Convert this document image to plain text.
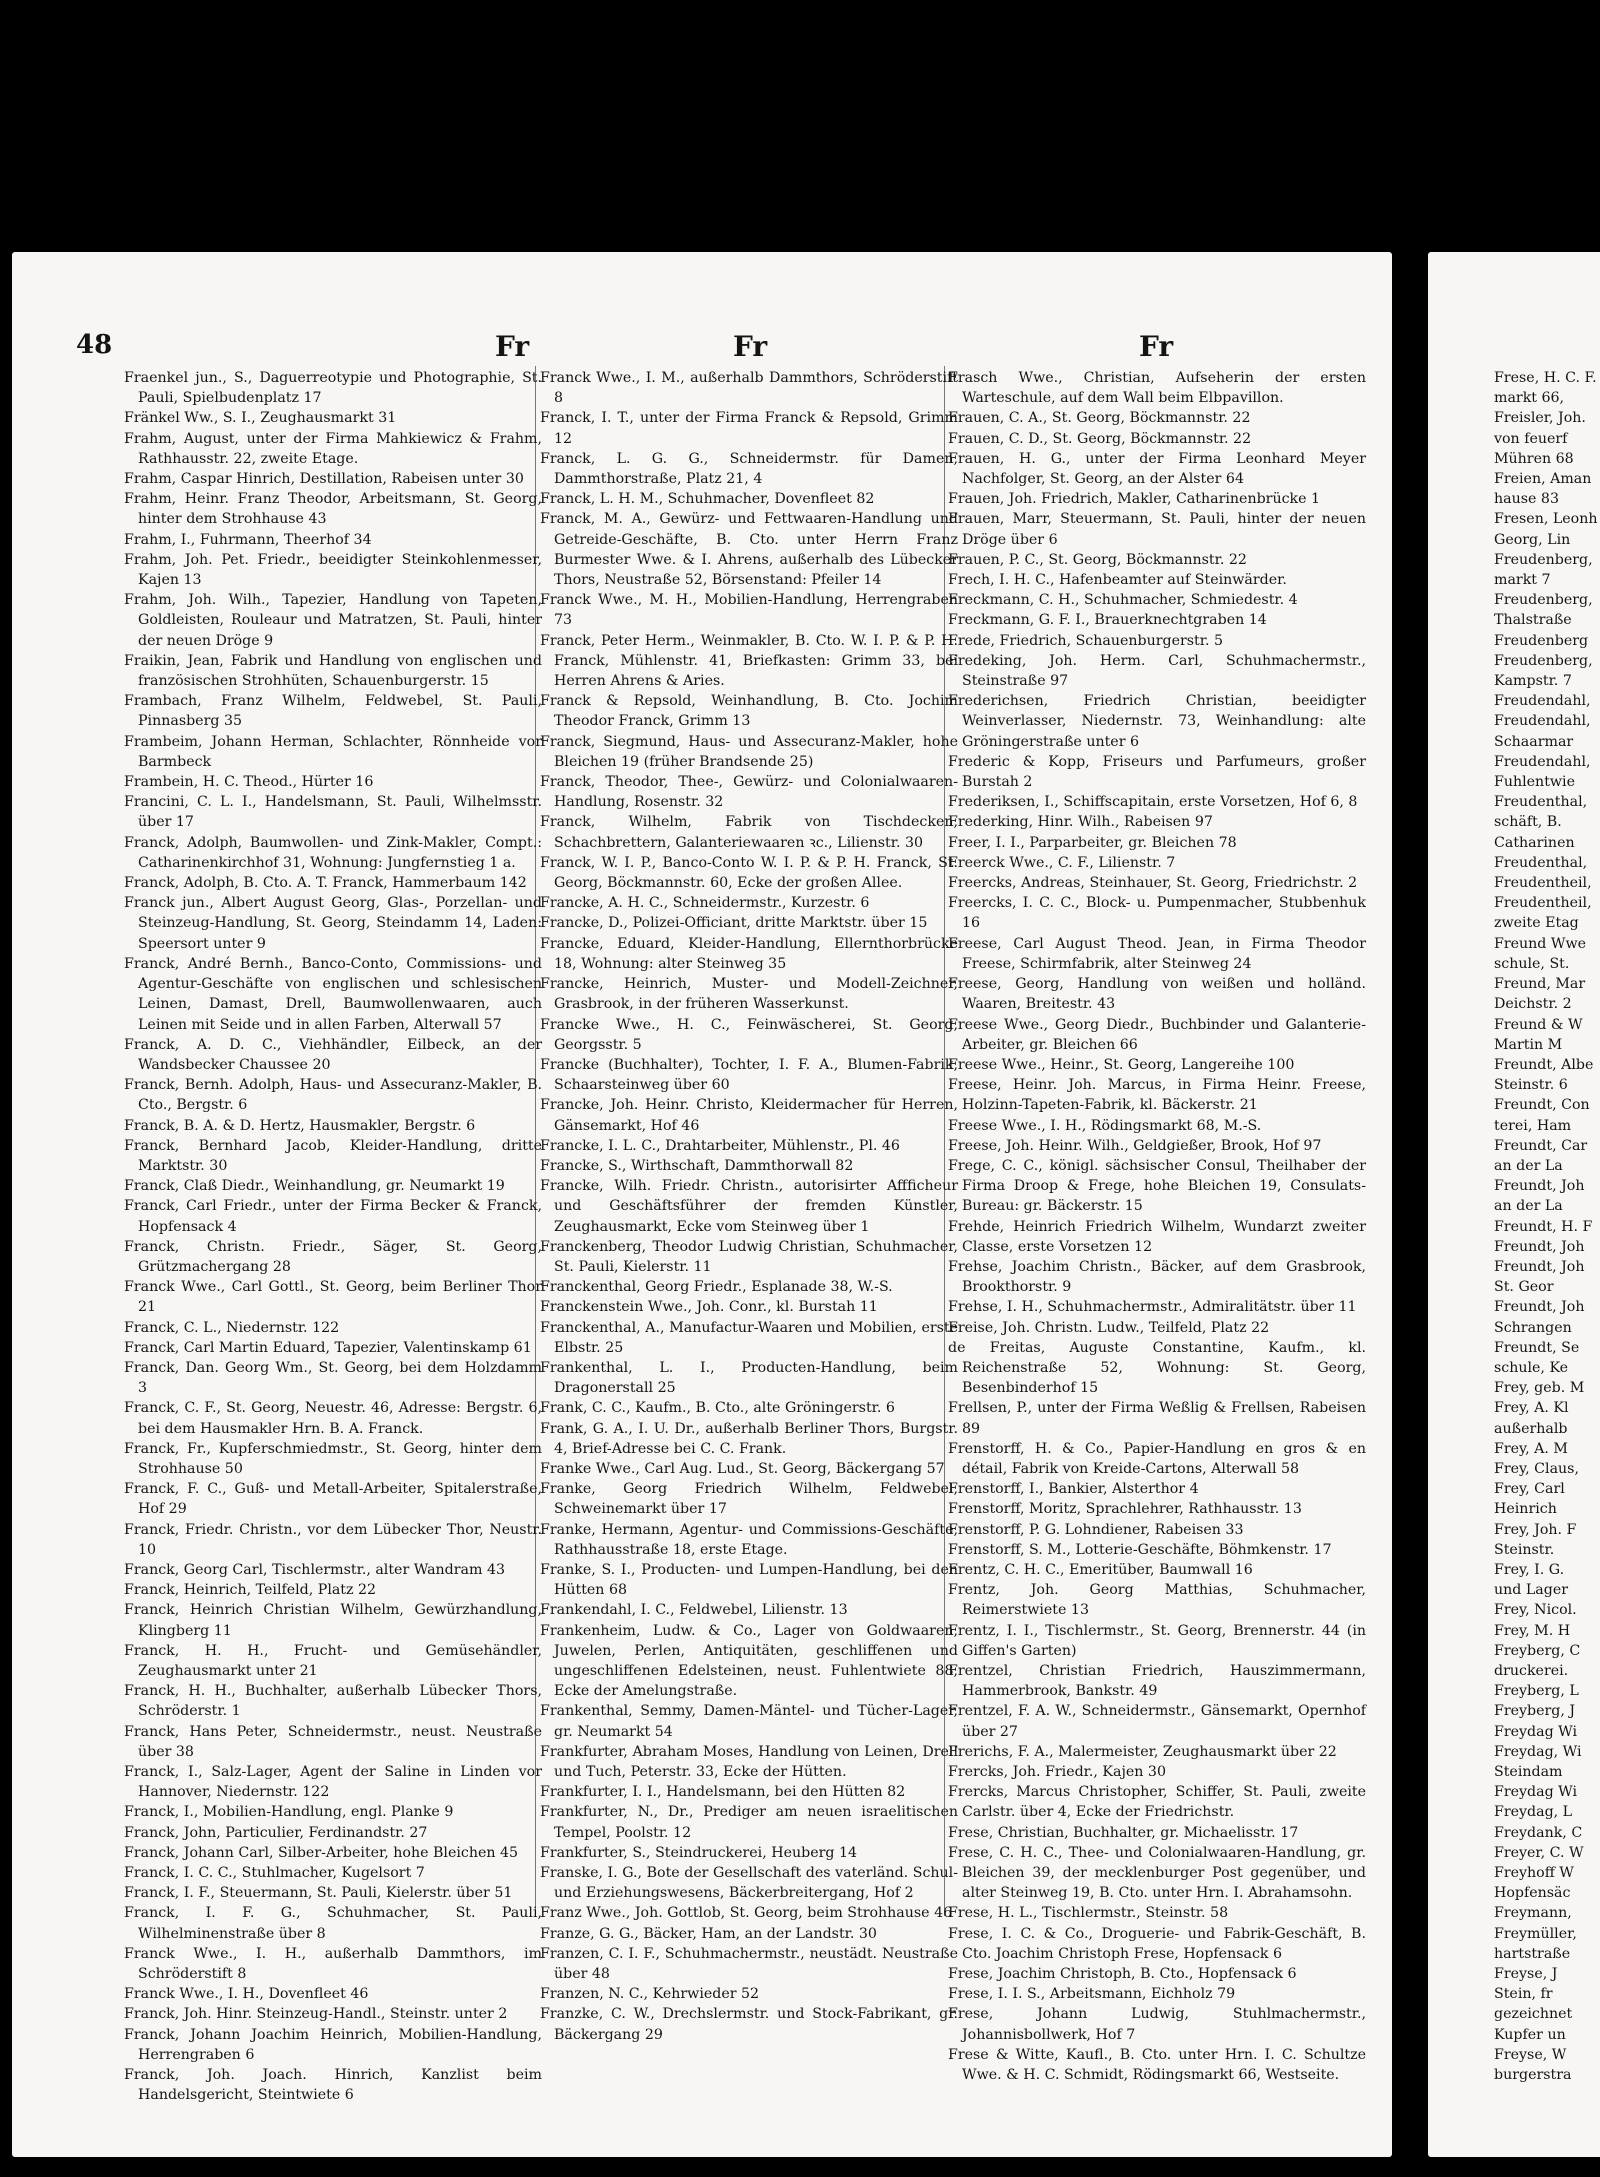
48	Fr	Fr	Fr

Fraenkel jun., S., Daguerreotypie und Photographie, St. Pauli, Spielbudenplatz 17

Fränkel Ww., S. I., Zeughausmarkt 31

Frahm, August, unter der Firma Mahkiewicz & Frahm, Rathhausstr. 22, zweite Etage.

Frahm, Caspar Hinrich, Destillation, Rabeisen unter 30

Frahm, Heinr. Franz Theodor, Arbeitsmann, St. Georg, hinter dem Strohhause 43

Frahm, I., Fuhrmann, Theerhof 34

Frahm, Joh. Pet. Friedr., beeidigter Steinkohlenmesser, Kajen 13

Frahm, Joh. Wilh., Tapezier, Handlung von Tapeten, Goldleisten, Rouleaur und Matratzen, St. Pauli, hinter der neuen Dröge 9

Fraikin, Jean, Fabrik und Handlung von englischen und französischen Strohhüten, Schauenburgerstr. 15

Frambach, Franz Wilhelm, Feldwebel, St. Pauli, Pinnasberg 35

Frambeim, Johann Herman, Schlachter, Rönnheide vor Barmbeck

Frambein, H. C. Theod., Hürter 16

Francini, C. L. I., Handelsmann, St. Pauli, Wilhelmsstr. über 17

Franck, Adolph, Baumwollen- und Zink-Makler, Compt.: Catharinenkirchhof 31, Wohnung: Jungfernstieg 1 a.

Franck, Adolph, B. Cto. A. T. Franck, Hammerbaum 142

Franck jun., Albert August Georg, Glas-, Porzellan- und Steinzeug-Handlung, St. Georg, Steindamm 14, Laden: Speersort unter 9

Franck, André Bernh., Banco-Conto, Commissions- und Agentur-Geschäfte von englischen und schlesischen Leinen, Damast, Drell, Baumwollenwaaren, auch Leinen mit Seide und in allen Farben, Alterwall 57

Franck, A. D. C., Viehhändler, Eilbeck, an der Wandsbecker Chaussee 20

Franck, Bernh. Adolph, Haus- und Assecuranz-Makler, B. Cto., Bergstr. 6

Franck, B. A. & D. Hertz, Hausmakler, Bergstr. 6

Franck, Bernhard Jacob, Kleider-Handlung, dritte Marktstr. 30

Franck, Claß Diedr., Weinhandlung, gr. Neumarkt 19

Franck, Carl Friedr., unter der Firma Becker & Franck, Hopfensack 4

Franck, Christn. Friedr., Säger, St. Georg, Grützmachergang 28

Franck Wwe., Carl Gottl., St. Georg, beim Berliner Thor 21

Franck, C. L., Niedernstr. 122

Franck, Carl Martin Eduard, Tapezier, Valentinskamp 61

Franck, Dan. Georg Wm., St. Georg, bei dem Holzdamm 3

Franck, C. F., St. Georg, Neuestr. 46, Adresse: Bergstr. 6, bei dem Hausmakler Hrn. B. A. Franck.

Franck, Fr., Kupferschmiedmstr., St. Georg, hinter dem Strohhause 50

Franck, F. C., Guß- und Metall-Arbeiter, Spitalerstraße, Hof 29

Franck, Friedr. Christn., vor dem Lübecker Thor, Neustr. 10

Franck, Georg Carl, Tischlermstr., alter Wandram 43

Franck, Heinrich, Teilfeld, Platz 22

Franck, Heinrich Christian Wilhelm, Gewürzhandlung, Klingberg 11

Franck, H. H., Frucht- und Gemüsehändler, Zeughausmarkt unter 21

Franck, H. H., Buchhalter, außerhalb Lübecker Thors, Schröderstr. 1

Franck, Hans Peter, Schneidermstr., neust. Neustraße über 38

Franck, I., Salz-Lager, Agent der Saline in Linden vor Hannover, Niedernstr. 122

Franck, I., Mobilien-Handlung, engl. Planke 9

Franck, John, Particulier, Ferdinandstr. 27

Franck, Johann Carl, Silber-Arbeiter, hohe Bleichen 45

Franck, I. C. C., Stuhlmacher, Kugelsort 7

Franck, I. F., Steuermann, St. Pauli, Kielerstr. über 51

Franck, I. F. G., Schuhmacher, St. Pauli, Wilhelminenstraße über 8

Franck Wwe., I. H., außerhalb Dammthors, im Schröderstift 8

Franck Wwe., I. H., Dovenfleet 46

Franck, Joh. Hinr. Steinzeug-Handl., Steinstr. unter 2

Franck, Johann Joachim Heinrich, Mobilien-Handlung, Herrengraben 6

Franck, Joh. Joach. Hinrich, Kanzlist beim Handelsgericht, Steintwiete 6

Franck Wwe., I. M., außerhalb Dammthors, Schröderstift 8

Franck, I. T., unter der Firma Franck & Repsold, Grimm 12

Franck, L. G. G., Schneidermstr. für Damen, Dammthorstraße, Platz 21, 4

Franck, L. H. M., Schuhmacher, Dovenfleet 82

Franck, M. A., Gewürz- und Fettwaaren-Handlung und Getreide-Geschäfte, B. Cto. unter Herrn Franz Burmester Wwe. & I. Ahrens, außerhalb des Lübecker Thors, Neustraße 52, Börsenstand: Pfeiler 14

Franck Wwe., M. H., Mobilien-Handlung, Herrengraben 73

Franck, Peter Herm., Weinmakler, B. Cto. W. I. P. & P. H. Franck, Mühlenstr. 41, Briefkasten: Grimm 33, bei Herren Ahrens & Aries.

Franck & Repsold, Weinhandlung, B. Cto. Jochim Theodor Franck, Grimm 13

Franck, Siegmund, Haus- und Assecuranz-Makler, hohe Bleichen 19 (früher Brandsende 25)

Franck, Theodor, Thee-, Gewürz- und Colonialwaaren-Handlung, Rosenstr. 32

Franck, Wilhelm, Fabrik von Tischdecken, Schachbrettern, Galanteriewaaren ꝛc., Lilienstr. 30

Franck, W. I. P., Banco-Conto W. I. P. & P. H. Franck, St. Georg, Böckmannstr. 60, Ecke der großen Allee.

Francke, A. H. C., Schneidermstr., Kurzestr. 6

Francke, D., Polizei-Officiant, dritte Marktstr. über 15

Francke, Eduard, Kleider-Handlung, Ellernthorbrücke 18, Wohnung: alter Steinweg 35

Francke, Heinrich, Muster- und Modell-Zeichner, Grasbrook, in der früheren Wasserkunst.

Francke Wwe., H. C., Feinwäscherei, St. Georg, Georgsstr. 5

Francke (Buchhalter), Tochter, I. F. A., Blumen-Fabrik, Schaarsteinweg über 60

Francke, Joh. Heinr. Christo, Kleidermacher für Herren, Gänsemarkt, Hof 46

Francke, I. L. C., Drahtarbeiter, Mühlenstr., Pl. 46

Francke, S., Wirthschaft, Dammthorwall 82

Francke, Wilh. Friedr. Christn., autorisirter Affficheur und Geschäftsführer der fremden Künstler, Zeughausmarkt, Ecke vom Steinweg über 1

Franckenberg, Theodor Ludwig Christian, Schuhmacher, St. Pauli, Kielerstr. 11

Franckenthal, Georg Friedr., Esplanade 38, W.-S.

Franckenstein Wwe., Joh. Conr., kl. Burstah 11

Franckenthal, A., Manufactur-Waaren und Mobilien, erste Elbstr. 25

Frankenthal, L. I., Producten-Handlung, beim Dragonerstall 25

Frank, C. C., Kaufm., B. Cto., alte Gröningerstr. 6

Frank, G. A., I. U. Dr., außerhalb Berliner Thors, Burgstr. 4, Brief-Adresse bei C. C. Frank.

Franke Wwe., Carl Aug. Lud., St. Georg, Bäckergang 57

Franke, Georg Friedrich Wilhelm, Feldwebel, Schweinemarkt über 17

Franke, Hermann, Agentur- und Commissions-Geschäfte, Rathhausstraße 18, erste Etage.

Franke, S. I., Producten- und Lumpen-Handlung, bei den Hütten 68

Frankendahl, I. C., Feldwebel, Lilienstr. 13

Frankenheim, Ludw. & Co., Lager von Goldwaaren, Juwelen, Perlen, Antiquitäten, geschliffenen und ungeschliffenen Edelsteinen, neust. Fuhlentwiete 88, Ecke der Amelungstraße.

Frankenthal, Semmy, Damen-Mäntel- und Tücher-Lager, gr. Neumarkt 54

Frankfurter, Abraham Moses, Handlung von Leinen, Drell und Tuch, Peterstr. 33, Ecke der Hütten.

Frankfurter, I. I., Handelsmann, bei den Hütten 82

Frankfurter, N., Dr., Prediger am neuen israelitischen Tempel, Poolstr. 12

Frankfurter, S., Steindruckerei, Heuberg 14

Franske, I. G., Bote der Gesellschaft des vaterländ. Schul- und Erziehungswesens, Bäckerbreitergang, Hof 2

Franz Wwe., Joh. Gottlob, St. Georg, beim Strohhause 46

Franze, G. G., Bäcker, Ham, an der Landstr. 30

Franzen, C. I. F., Schuhmachermstr., neustädt. Neustraße über 48

Franzen, N. C., Kehrwieder 52

Franzke, C. W., Drechslermstr. und Stock-Fabrikant, gr. Bäckergang 29

Frasch Wwe., Christian, Aufseherin der ersten Warteschule, auf dem Wall beim Elbpavillon.

Frauen, C. A., St. Georg, Böckmannstr. 22

Frauen, C. D., St. Georg, Böckmannstr. 22

Frauen, H. G., unter der Firma Leonhard Meyer Nachfolger, St. Georg, an der Alster 64

Frauen, Joh. Friedrich, Makler, Catharinenbrücke 1

Frauen, Marr, Steuermann, St. Pauli, hinter der neuen Dröge über 6

Frauen, P. C., St. Georg, Böckmannstr. 22

Frech, I. H. C., Hafenbeamter auf Steinwärder.

Freckmann, C. H., Schuhmacher, Schmiedestr. 4

Freckmann, G. F. I., Brauerknechtgraben 14

Frede, Friedrich, Schauenburgerstr. 5

Fredeking, Joh. Herm. Carl, Schuhmachermstr., Steinstraße 97

Frederichsen, Friedrich Christian, beeidigter Weinverlasser, Niedernstr. 73, Weinhandlung: alte Gröningerstraße unter 6

Frederic & Kopp, Friseurs und Parfumeurs, großer Burstah 2

Frederiksen, I., Schiffscapitain, erste Vorsetzen, Hof 6, 8

Frederking, Hinr. Wilh., Rabeisen 97

Freer, I. I., Parparbeiter, gr. Bleichen 78

Freerck Wwe., C. F., Lilienstr. 7

Freercks, Andreas, Steinhauer, St. Georg, Friedrichstr. 2

Freercks, I. C. C., Block- u. Pumpenmacher, Stubbenhuk 16

Freese, Carl August Theod. Jean, in Firma Theodor Freese, Schirmfabrik, alter Steinweg 24

Freese, Georg, Handlung von weißen und holländ. Waaren, Breitestr. 43

Freese Wwe., Georg Diedr., Buchbinder und Galanterie-Arbeiter, gr. Bleichen 66

Freese Wwe., Heinr., St. Georg, Langereihe 100

Freese, Heinr. Joh. Marcus, in Firma Heinr. Freese, Holzinn-Tapeten-Fabrik, kl. Bäckerstr. 21

Freese Wwe., I. H., Rödingsmarkt 68, M.-S.

Freese, Joh. Heinr. Wilh., Geldgießer, Brook, Hof 97

Frege, C. C., königl. sächsischer Consul, Theilhaber der Firma Droop & Frege, hohe Bleichen 19, Consulats-Bureau: gr. Bäckerstr. 15

Frehde, Heinrich Friedrich Wilhelm, Wundarzt zweiter Classe, erste Vorsetzen 12

Frehse, Joachim Christn., Bäcker, auf dem Grasbrook, Brookthorstr. 9

Frehse, I. H., Schuhmachermstr., Admiralitätstr. über 11

Freise, Joh. Christn. Ludw., Teilfeld, Platz 22

de Freitas, Auguste Constantine, Kaufm., kl. Reichenstraße 52, Wohnung: St. Georg, Besenbinderhof 15

Frellsen, P., unter der Firma Weßlig & Frellsen, Rabeisen 89

Frenstorff, H. & Co., Papier-Handlung en gros & en détail, Fabrik von Kreide-Cartons, Alterwall 58

Frenstorff, I., Bankier, Alsterthor 4

Frenstorff, Moritz, Sprachlehrer, Rathhausstr. 13

Frenstorff, P. G. Lohndiener, Rabeisen 33

Frenstorff, S. M., Lotterie-Geschäfte, Böhmkenstr. 17

Frentz, C. H. C., Emeritüber, Baumwall 16

Frentz, Joh. Georg Matthias, Schuhmacher, Reimerstwiete 13

Frentz, I. I., Tischlermstr., St. Georg, Brennerstr. 44 (in Giffen's Garten)

Frentzel, Christian Friedrich, Hauszimmermann, Hammerbrook, Bankstr. 49

Frentzel, F. A. W., Schneidermstr., Gänsemarkt, Opernhof über 27

Frerichs, F. A., Malermeister, Zeughausmarkt über 22

Frercks, Joh. Friedr., Kajen 30

Frercks, Marcus Christopher, Schiffer, St. Pauli, zweite Carlstr. über 4, Ecke der Friedrichstr.

Frese, Christian, Buchhalter, gr. Michaelisstr. 17

Frese, C. H. C., Thee- und Colonialwaaren-Handlung, gr. Bleichen 39, der mecklenburger Post gegenüber, und alter Steinweg 19, B. Cto. unter Hrn. I. Abrahamsohn.

Frese, H. L., Tischlermstr., Steinstr. 58

Frese, I. C. & Co., Droguerie- und Fabrik-Geschäft, B. Cto. Joachim Christoph Frese, Hopfensack 6

Frese, Joachim Christoph, B. Cto., Hopfensack 6

Frese, I. I. S., Arbeitsmann, Eichholz 79

Frese, Johann Ludwig, Stuhlmachermstr., Johannisbollwerk, Hof 7

Frese & Witte, Kaufl., B. Cto. unter Hrn. I. C. Schultze Wwe. & H. C. Schmidt, Rödingsmarkt 66, Westseite.

Frese, H. C. F.

markt 66,

Freisler, Joh.

von feuerf

Mühren 68

Freien, Aman

hause 83

Fresen, Leonh

Georg, Lin

Freudenberg,

markt 7

Freudenberg,

Thalstraße

Freudenberg

Freudenberg,

Kampstr. 7

Freudendahl,

Freudendahl,

Schaarmar

Freudendahl,

Fuhlentwie

Freudenthal,

schäft, B.

Catharinen

Freudenthal,

Freudentheil,

Freudentheil,

zweite Etag

Freund Wwe

schule, St.

Freund, Mar

Deichstr. 2

Freund & W

Martin M

Freundt, Albe

Steinstr. 6

Freundt, Con

terei, Ham

Freundt, Car

an der La

Freundt, Joh

an der La

Freundt, H. F

Freundt, Joh

Freundt, Joh

St. Geor

Freundt, Joh

Schrangen

Freundt, Se

schule, Ke

Frey, geb. M

Frey, A. Kl

außerhalb

Frey, A. M

Frey, Claus,

Frey, Carl

Heinrich

Frey, Joh. F

Steinstr.

Frey, I. G.

und Lager

Frey, Nicol.

Frey, M. H

Freyberg, C

druckerei.

Freyberg, L

Freyberg, J

Freydag Wi

Freydag, Wi

Steindam

Freydag Wi

Freydag, L

Freydank, C

Freyer, C. W

Freyhoff W

Hopfensäc

Freymann,

Freymüller,

hartstraße

Freyse, J

Stein, fr

gezeichnet

Kupfer un

Freyse, W

burgerstra
